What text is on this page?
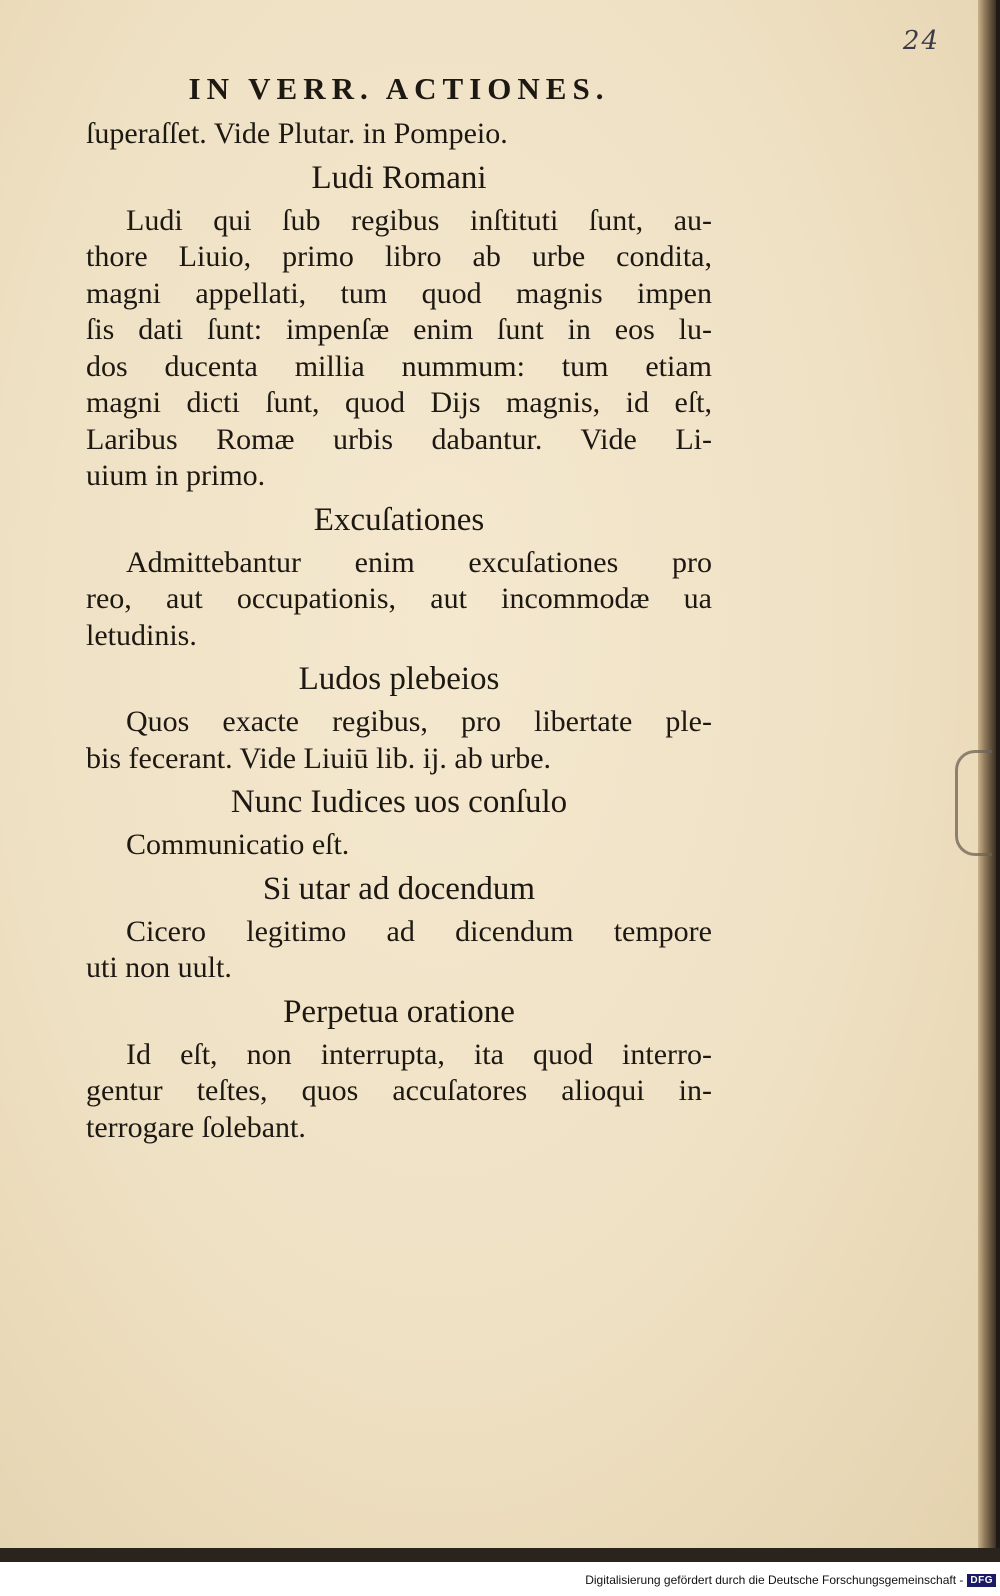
24
IN VERR. ACTIONES.
ſuperaſſet. Vide Plutar. in Pompeio.
Ludi Romani
Ludi qui ſub regibus inſtituti ſunt, au-
thore Liuio, primo libro ab urbe condita,
magni appellati, tum quod magnis impen
ſis dati ſunt: impenſæ enim ſunt in eos lu-
dos ducenta millia nummum: tum etiam
magni dicti ſunt, quod Dijs magnis, id eſt,
Laribus Romæ urbis dabantur. Vide Li-
uium in primo.
Excuſationes
Admittebantur enim excuſationes pro
reo, aut occupationis, aut incommodæ ua
letudinis.
Ludos plebeios
Quos exacte regibus, pro libertate ple-
bis fecerant. Vide Liuiū lib. ij. ab urbe.
Nunc Iudices uos conſulo
Communicatio eſt.
Si utar ad docendum
Cicero legitimo ad dicendum tempore
uti non uult.
Perpetua oratione
Id eſt, non interrupta, ita quod interro-
gentur teſtes, quos accuſatores alioqui in-
terrogare ſolebant.
Digitalisierung gefördert durch die Deutsche Forschungsgemeinschaft - DFG
